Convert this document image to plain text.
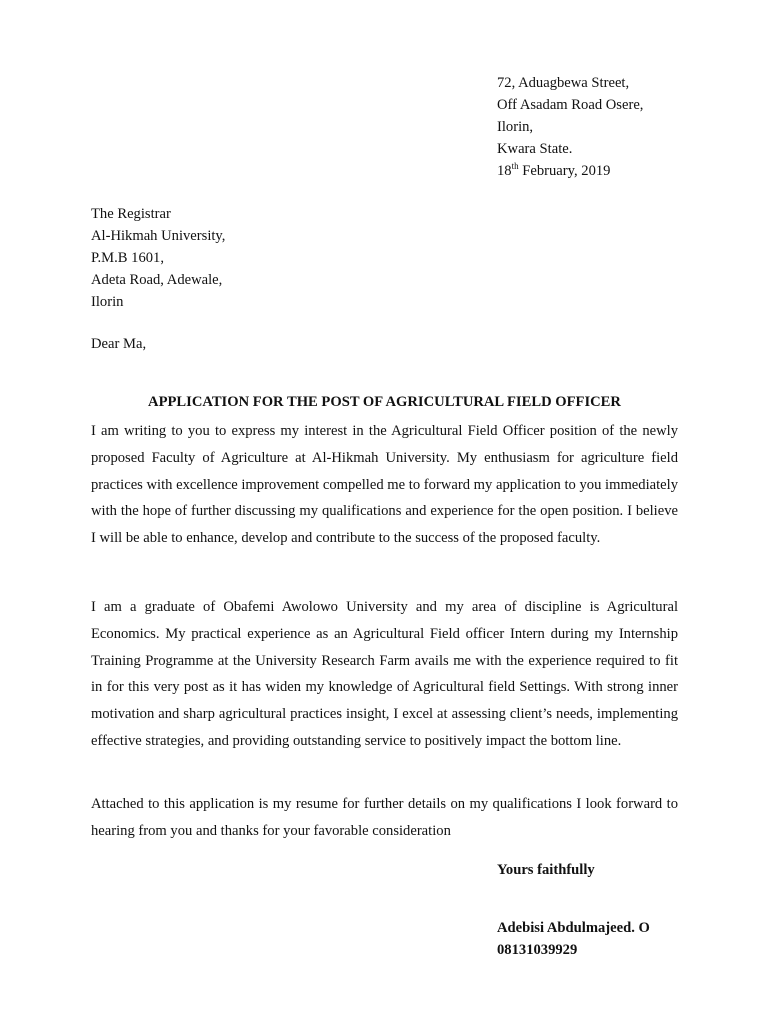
72, Aduagbewa Street,
Off Asadam Road Osere,
Ilorin,
Kwara State.
18th February, 2019
The Registrar
Al-Hikmah University,
P.M.B 1601,
Adeta Road, Adewale,
Ilorin
Dear Ma,
APPLICATION FOR THE POST OF AGRICULTURAL FIELD OFFICER

I am writing to you to express my interest in the Agricultural Field Officer position of the newly proposed Faculty of Agriculture at Al-Hikmah University. My enthusiasm for agriculture field practices with excellence improvement compelled me to forward my application to you immediately with the hope of further discussing my qualifications and experience for the open position. I believe I will be able to enhance, develop and contribute to the success of the proposed faculty.

I am a graduate of Obafemi Awolowo University and my area of discipline is Agricultural Economics. My practical experience as an Agricultural Field officer Intern during my Internship Training Programme at the University Research Farm avails me with the experience required to fit in for this very post as it has widen my knowledge of Agricultural field Settings. With strong inner motivation and sharp agricultural practices insight, I excel at assessing client’s needs, implementing effective strategies, and providing outstanding service to positively impact the bottom line.

Attached to this application is my resume for further details on my qualifications I look forward to hearing from you and thanks for your favorable consideration

Yours faithfully
Adebisi Abdulmajeed. O
08131039929
